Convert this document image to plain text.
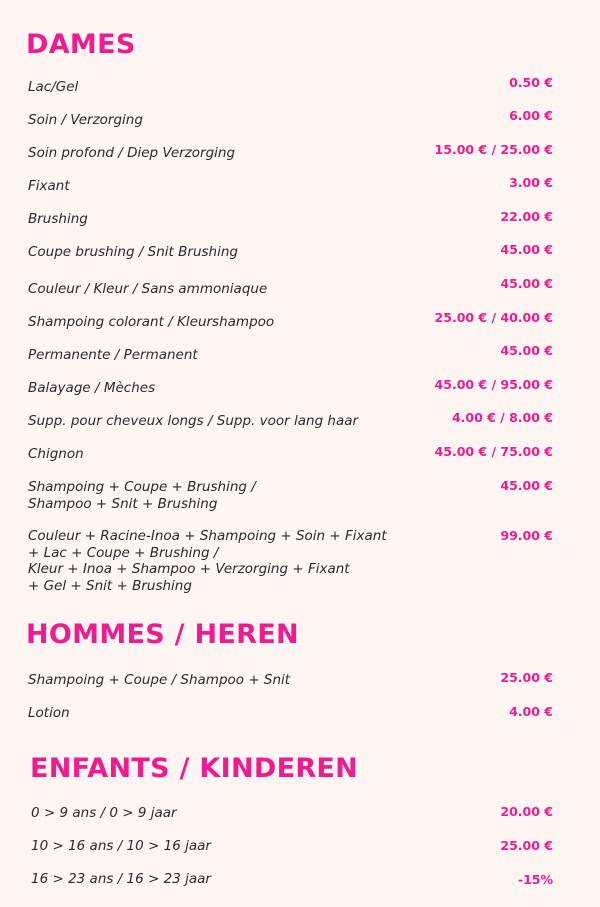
DAMES
Lac/Gel	0.50 €
Soin / Verzorging	6.00 €
Soin profond / Diep Verzorging	15.00 € / 25.00 €
Fixant	3.00 €
Brushing	22.00 €
Coupe brushing / Snit Brushing	45.00 €
Couleur / Kleur / Sans ammoniaque	45.00 €
Shampoing colorant / Kleurshampoo	25.00 € / 40.00 €
Permanente / Permanent	45.00 €
Balayage / Mèches	45.00 € / 95.00 €
Supp. pour cheveux longs / Supp. voor lang haar	4.00 € / 8.00 €
Chignon	45.00 € / 75.00 €
Shampoing + Coupe + Brushing /
Shampoo + Snit + Brushing
45.00 €
Couleur + Racine-Inoa + Shampoing + Soin + Fixant
+ Lac + Coupe + Brushing /
Kleur + Inoa + Shampoo + Verzorging + Fixant
+ Gel + Snit + Brushing
99.00 €
HOMMES / HEREN
Shampoing + Coupe / Shampoo + Snit	25.00 €
Lotion	4.00 €
ENFANTS / KINDEREN
0 > 9 ans / 0 > 9 jaar	20.00 €
10 > 16 ans / 10 > 16 jaar	25.00 €
16 > 23 ans / 16 > 23 jaar	-15%
